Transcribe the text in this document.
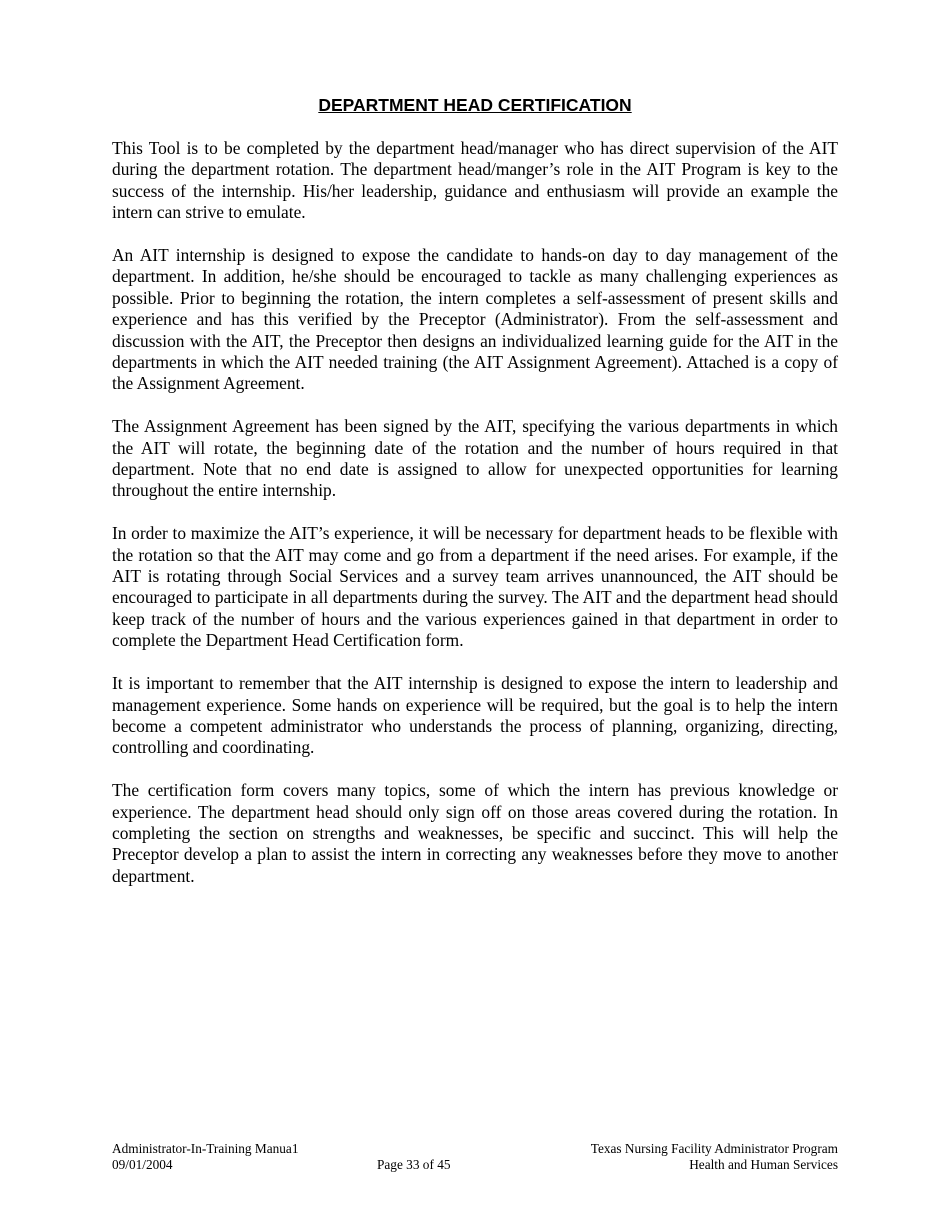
DEPARTMENT HEAD CERTIFICATION

This Tool is to be completed by the department head/manager who has direct supervision of the AIT during the department rotation. The department head/manger’s role in the AIT Program is key to the success of the internship. His/her leadership, guidance and enthusiasm will provide an example the intern can strive to emulate.

An AIT internship is designed to expose the candidate to hands-on day to day management of the department. In addition, he/she should be encouraged to tackle as many challenging experiences as possible. Prior to beginning the rotation, the intern completes a self-assessment of present skills and experience and has this verified by the Preceptor (Administrator). From the self-assessment and discussion with the AIT, the Preceptor then designs an individualized learning guide for the AIT in the departments in which the AIT needed training (the AIT Assignment Agreement). Attached is a copy of the Assignment Agreement.

The Assignment Agreement has been signed by the AIT, specifying the various departments in which the AIT will rotate, the beginning date of the rotation and the number of hours required in that department. Note that no end date is assigned to allow for unexpected opportunities for learning throughout the entire internship.

In order to maximize the AIT’s experience, it will be necessary for department heads to be flexible with the rotation so that the AIT may come and go from a department if the need arises. For example, if the AIT is rotating through Social Services and a survey team arrives unannounced, the AIT should be encouraged to participate in all departments during the survey. The AIT and the department head should keep track of the number of hours and the various experiences gained in that department in order to complete the Department Head Certification form.

It is important to remember that the AIT internship is designed to expose the intern to leadership and management experience. Some hands on experience will be required, but the goal is to help the intern become a competent administrator who understands the process of planning, organizing, directing, controlling and coordinating.

The certification form covers many topics, some of which the intern has previous knowledge or experience. The department head should only sign off on those areas covered during the rotation. In completing the section on strengths and weaknesses, be specific and succinct. This will help the Preceptor develop a plan to assist the intern in correcting any weaknesses before they move to another department.

Administrator-In-Training Manua1
09/01/2004	Page 33 of 45
Texas Nursing Facility Administrator Program
Health and Human Services
